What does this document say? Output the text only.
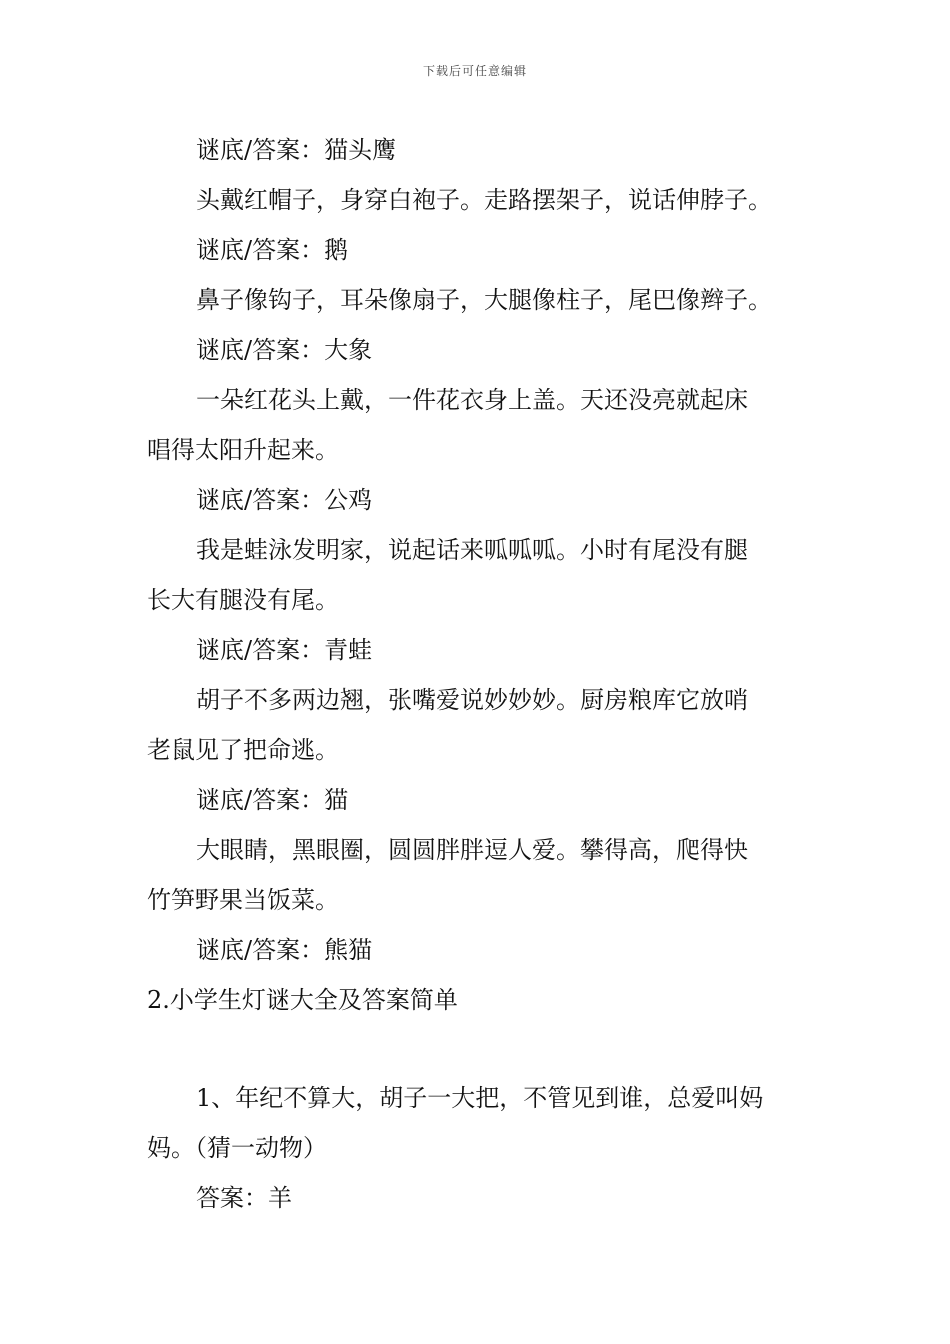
下载后可任意编辑
谜底/答案：猫头鹰
头戴红帽子，身穿白袍子。走路摆架子，说话伸脖子。
谜底/答案：鹅
鼻子像钩子，耳朵像扇子，大腿像柱子，尾巴像辫子。
谜底/答案：大象
一朵红花头上戴，一件花衣身上盖。天还没亮就起床
唱得太阳升起来。
谜底/答案：公鸡
我是蛙泳发明家，说起话来呱呱呱。小时有尾没有腿
长大有腿没有尾。
谜底/答案：青蛙
胡子不多两边翘，张嘴爱说妙妙妙。厨房粮库它放哨
老鼠见了把命逃。
谜底/答案：猫
大眼睛，黑眼圈，圆圆胖胖逗人爱。攀得高，爬得快
竹笋野果当饭菜。
谜底/答案：熊猫
2.小学生灯谜大全及答案简单
1、年纪不算大，胡子一大把，不管见到谁，总爱叫妈
妈。（猜一动物）
答案：羊
